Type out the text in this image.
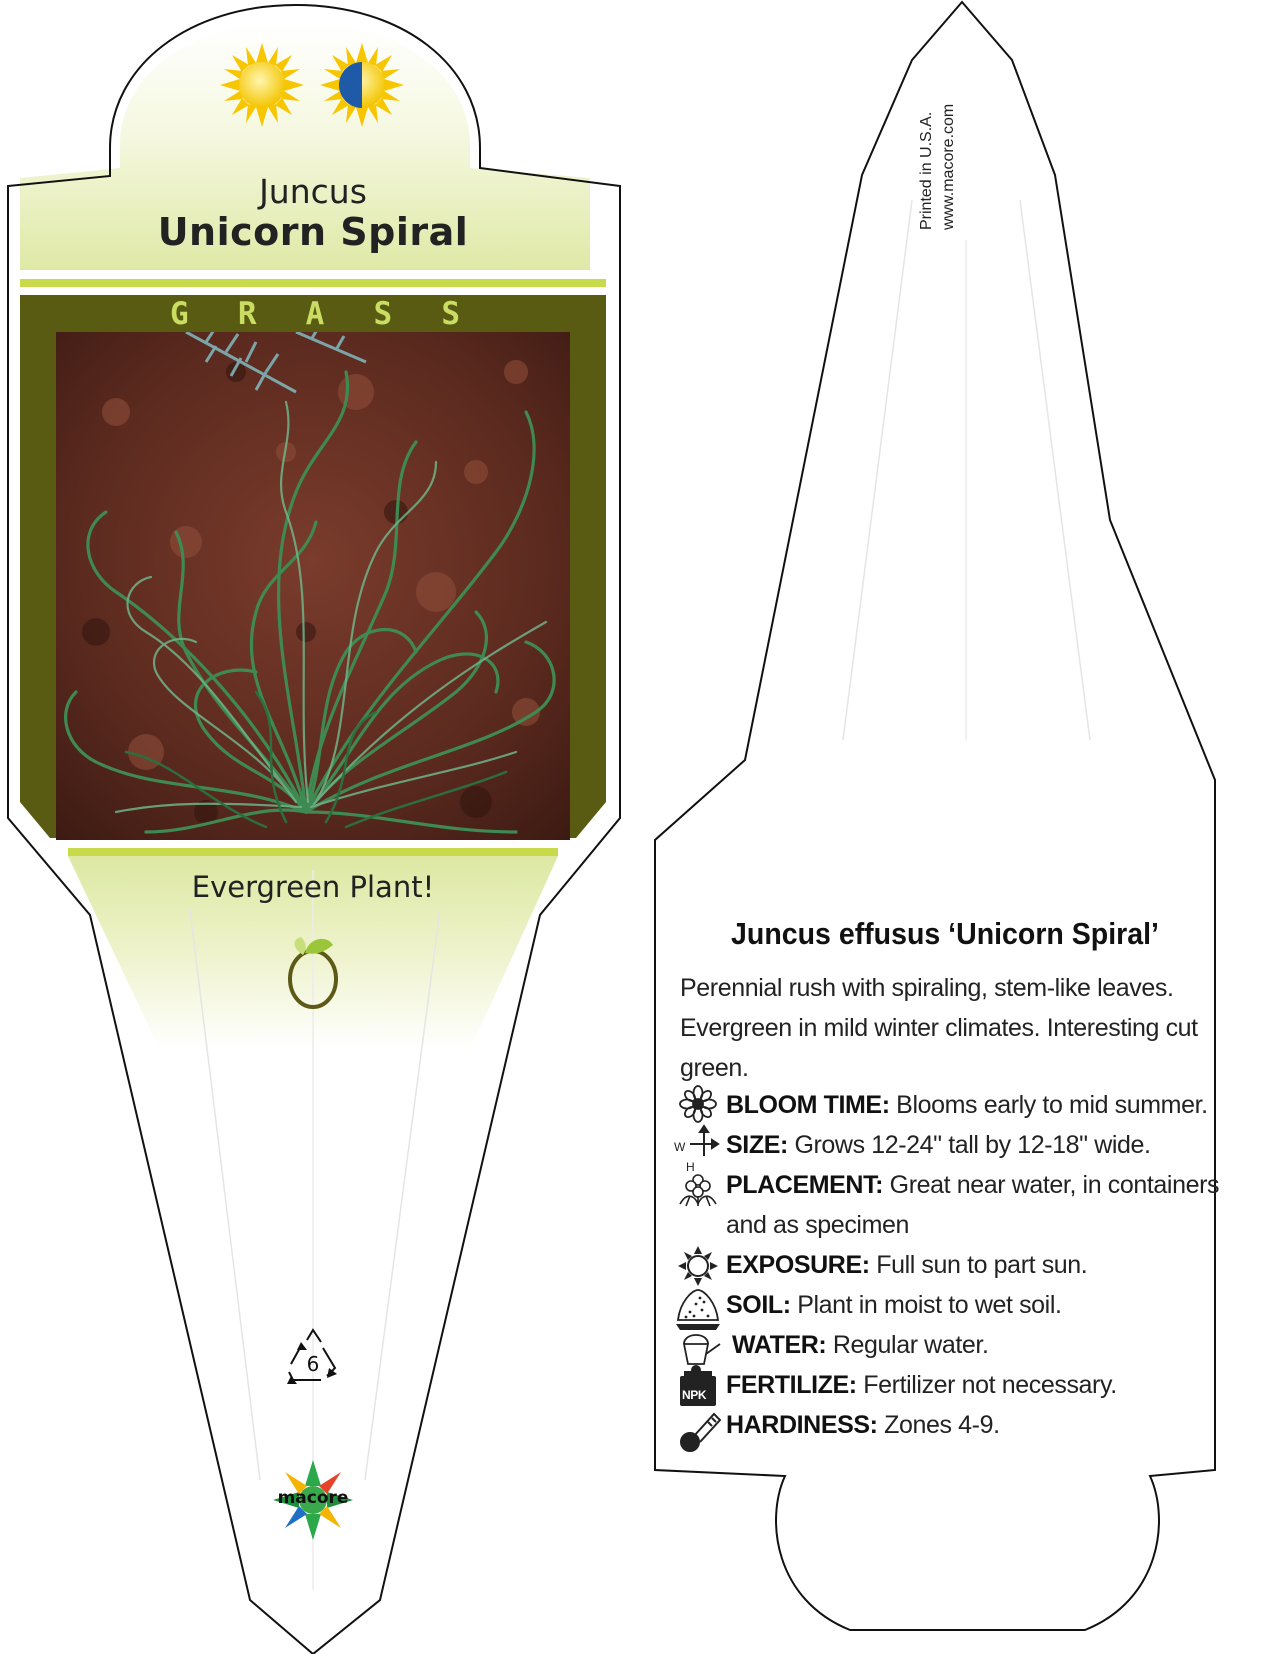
Juncus
Unicorn Spiral
G R A S S
Evergreen Plant!
6
macore
Printed in U.S.A. www.macore.com
Juncus effusus ‘Unicorn Spiral’
Perennial rush with spiraling, stem-like leaves. Evergreen in mild winter climates. Interesting cut green.
BLOOM TIME: Blooms early to mid summer.
W
H
SIZE: Grows 12-24" tall by 12-18" wide.
PLACEMENT: Great near water, in containers and as specimen
EXPOSURE: Full sun to part sun.
SOIL: Plant in moist to wet soil.
WATER: Regular water.
NPK FERTILIZE: Fertilizer not necessary.
HARDINESS: Zones 4-9.
